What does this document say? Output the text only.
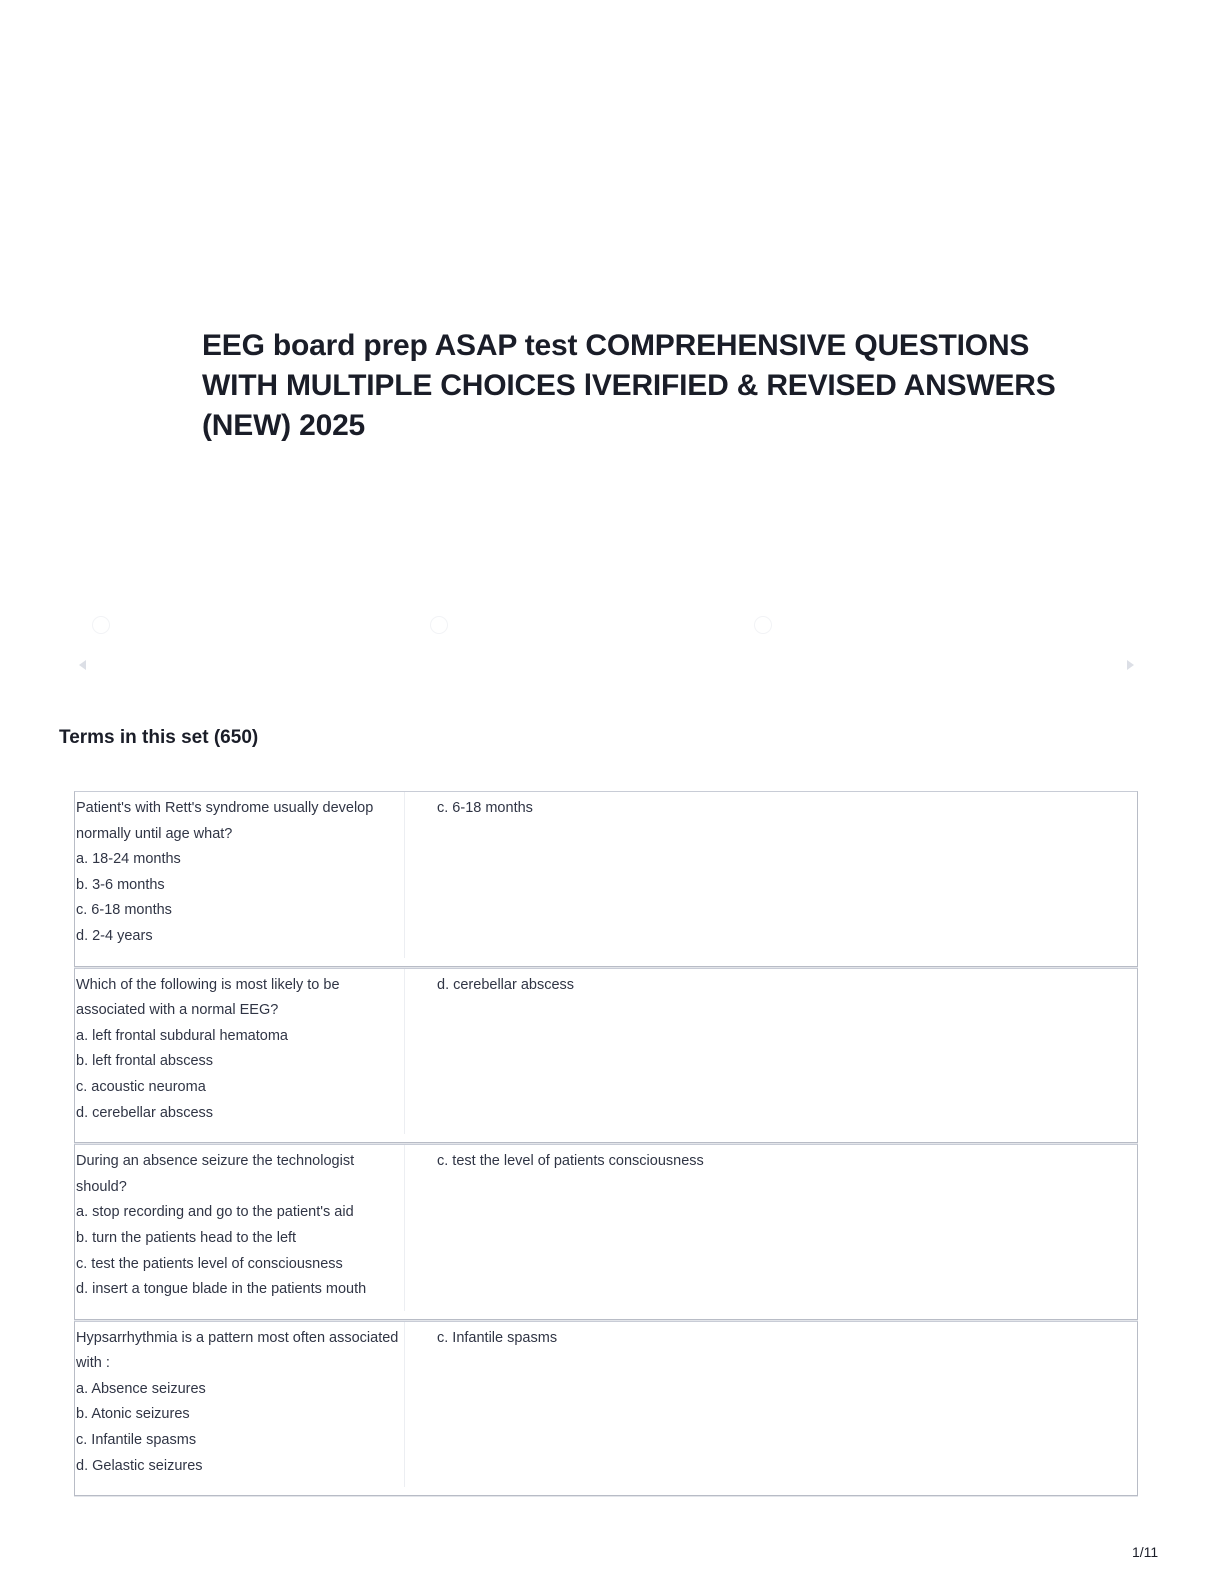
EEG board prep ASAP test COMPREHENSIVE QUESTIONS WITH MULTIPLE CHOICES lVERIFIED & REVISED ANSWERS (NEW) 2025
Terms in this set (650)
Patient's with Rett's syndrome usually develop normally until age what?
a. 18-24 months
b. 3-6 months
c. 6-18 months
d. 2-4 years
c. 6-18 months
Which of the following is most likely to be associated with a normal EEG?
a. left frontal subdural hematoma
b. left frontal abscess
c. acoustic neuroma
d. cerebellar abscess
d. cerebellar abscess
During an absence seizure the technologist should?
a. stop recording and go to the patient's aid
b. turn the patients head to the left
c. test the patients level of consciousness
d. insert a tongue blade in the patients mouth
c. test the level of patients consciousness
Hypsarrhythmia is a pattern most often associated with :
a. Absence seizures
b. Atonic seizures
c. Infantile spasms
d. Gelastic seizures
c. Infantile spasms
1/11
